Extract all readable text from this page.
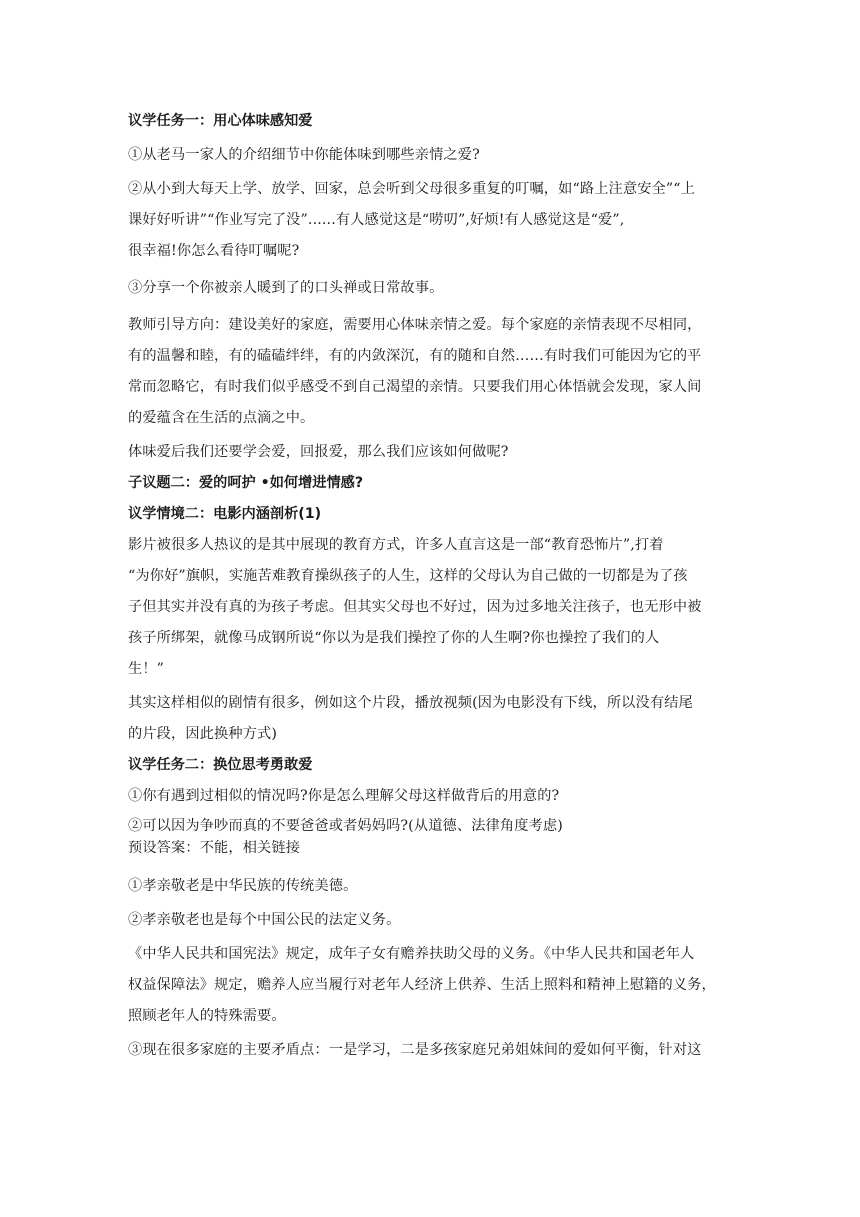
议学任务一：用心体味感知爱

①从老马一家人的介绍细节中你能体味到哪些亲情之爱?

②从小到大每天上学、放学、回家，总会听到父母很多重复的叮嘱，如“路上注意安全”“上

课好好听讲”“作业写完了没”......有人感觉这是“唠叨”,好烦!有人感觉这是“爱”,

很幸福!你怎么看待叮嘱呢?

③分享一个你被亲人暖到了的口头禅或日常故事。

教师引导方向：建设美好的家庭，需要用心体味亲情之爱。每个家庭的亲情表现不尽相同，

有的温馨和睦，有的磕磕绊绊，有的内敛深沉，有的随和自然……有时我们可能因为它的平

常而忽略它，有时我们似乎感受不到自己渴望的亲情。只要我们用心体悟就会发现，家人间

的爱蕴含在生活的点滴之中。

体味爱后我们还要学会爱，回报爱，那么我们应该如何做呢?

子议题二：爱的呵护 •如何增进情感?

议学情境二：电影内涵剖析(1)

影片被很多人热议的是其中展现的教育方式，许多人直言这是一部“教育恐怖片”,打着

“为你好”旗帜，实施苦难教育操纵孩子的人生，这样的父母认为自己做的一切都是为了孩

子但其实并没有真的为孩子考虑。但其实父母也不好过，因为过多地关注孩子，也无形中被

孩子所绑架，就像马成钢所说“你以为是我们操控了你的人生啊?你也操控了我们的人

生！”

其实这样相似的剧情有很多，例如这个片段，播放视频(因为电影没有下线，所以没有结尾

的片段，因此换种方式)

议学任务二：换位思考勇敢爱

①你有遇到过相似的情况吗?你是怎么理解父母这样做背后的用意的?

②可以因为争吵而真的不要爸爸或者妈妈吗?(从道德、法律角度考虑)

预设答案：不能，相关链接

①孝亲敬老是中华民族的传统美德。

②孝亲敬老也是每个中国公民的法定义务。

《中华人民共和国宪法》规定，成年子女有赡养扶助父母的义务。《中华人民共和国老年人

权益保障法》规定，赡养人应当履行对老年人经济上供养、生活上照料和精神上慰籍的义务，

照顾老年人的特殊需要。

③现在很多家庭的主要矛盾点：一是学习，二是多孩家庭兄弟姐妹间的爱如何平衡，针对这
